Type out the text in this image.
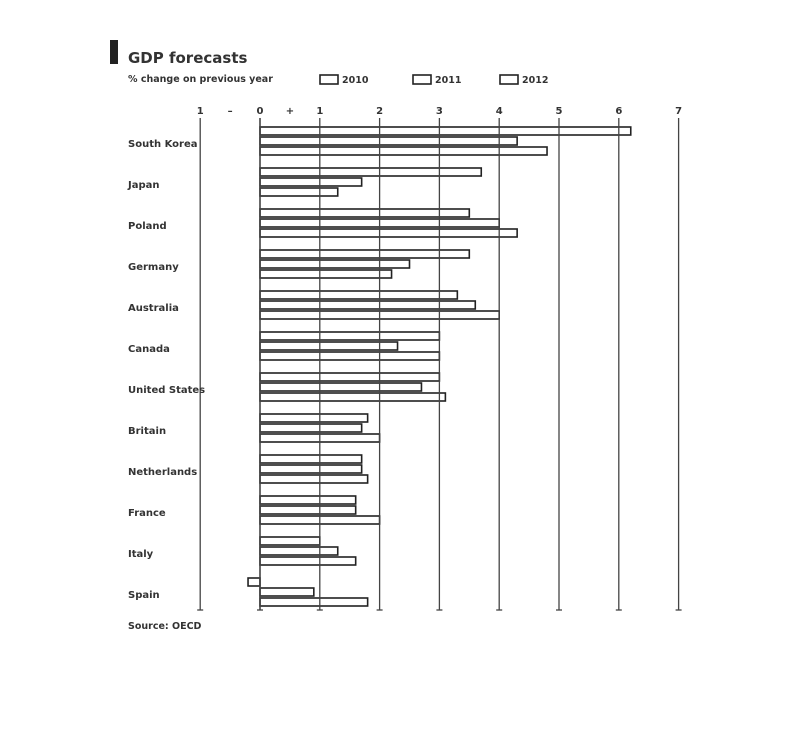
GDP forecasts
% change on previous year	2010	2011	2012
1 – 0 + 1	2	3	4	5	6	7
South Korea
Japan
Poland
Germany
Australia
Canada
United States
Britain
Netherlands
France
Italy
Spain
Source: OECD
